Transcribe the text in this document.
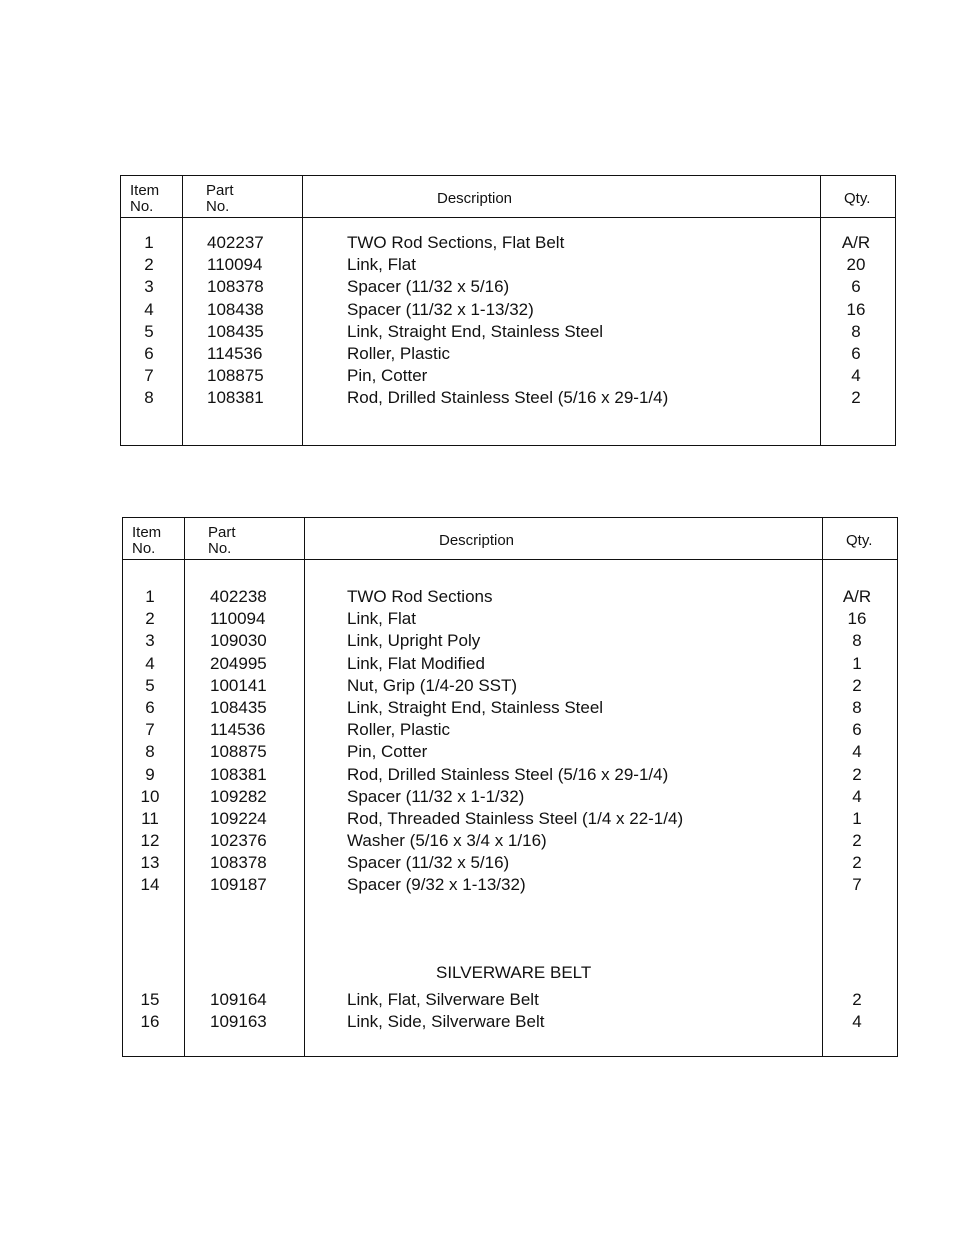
Item
No.
Part
No.	Description	Qty.
1	402237	TWO Rod Sections, Flat Belt	A/R
2	110094	Link, Flat	20
3	108378	Spacer (11/32 x 5/16)	6
4	108438	Spacer (11/32 x 1-13/32)	16
5	108435	Link, Straight End, Stainless Steel	8
6	114536	Roller, Plastic	6
7	108875	Pin, Cotter	4
8	108381	Rod, Drilled Stainless Steel (5/16 x 29-1/4)	2
Item
No.
Part
No.	Description	Qty.
1	402238	TWO Rod Sections	A/R
2	110094	Link, Flat	16
3	109030	Link, Upright Poly	8
4	204995	Link, Flat Modified	1
5	100141	Nut, Grip (1/4-20 SST)	2
6	108435	Link, Straight End, Stainless Steel	8
7	114536	Roller, Plastic	6
8	108875	Pin, Cotter	4
9	108381	Rod, Drilled Stainless Steel (5/16 x 29-1/4)	2
10	109282	Spacer (11/32 x 1-1/32)	4
11	109224	Rod, Threaded Stainless Steel (1/4 x 22-1/4)	1
12	102376	Washer (5/16 x 3/4 x 1/16)	2
13	108378	Spacer (11/32 x 5/16)	2
14	109187	Spacer (9/32 x 1-13/32)	7
SILVERWARE BELT
15	109164	Link, Flat, Silverware Belt	2
16	109163	Link, Side, Silverware Belt	4
